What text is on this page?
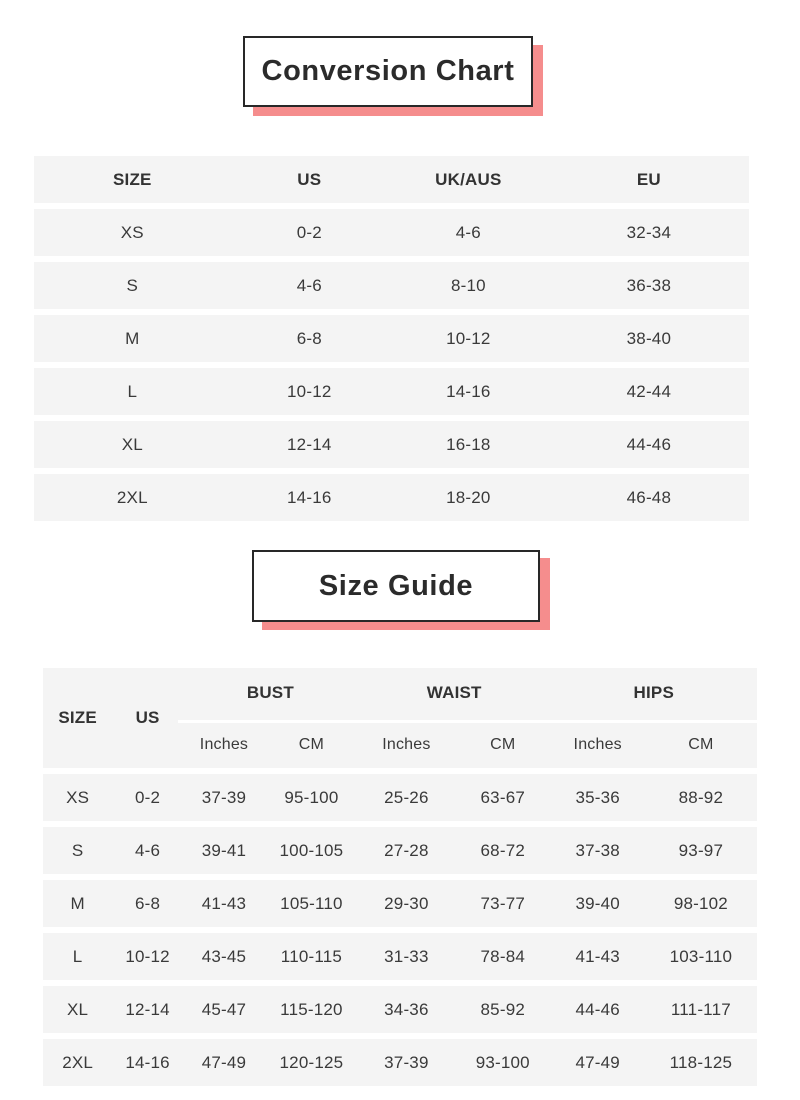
Conversion Chart
SIZE	US	UK/AUS	EU
XS	0-2	4-6	32-34
S	4-6	8-10	36-38
M	6-8	10-12	38-40
L	10-12	14-16	42-44
XL	12-14	16-18	44-46
2XL	14-16	18-20	46-48
Size Guide
SIZE	US
BUST	WAIST	HIPS
Inches	CM	Inches	CM	Inches	CM
XS	0-2	37-39	95-100	25-26	63-67	35-36	88-92
S	4-6	39-41	100-105	27-28	68-72	37-38	93-97
M	6-8	41-43	105-110	29-30	73-77	39-40	98-102
L	10-12	43-45	110-115	31-33	78-84	41-43	103-110
XL	12-14	45-47	115-120	34-36	85-92	44-46	111-117
2XL	14-16	47-49	120-125	37-39	93-100	47-49	118-125
